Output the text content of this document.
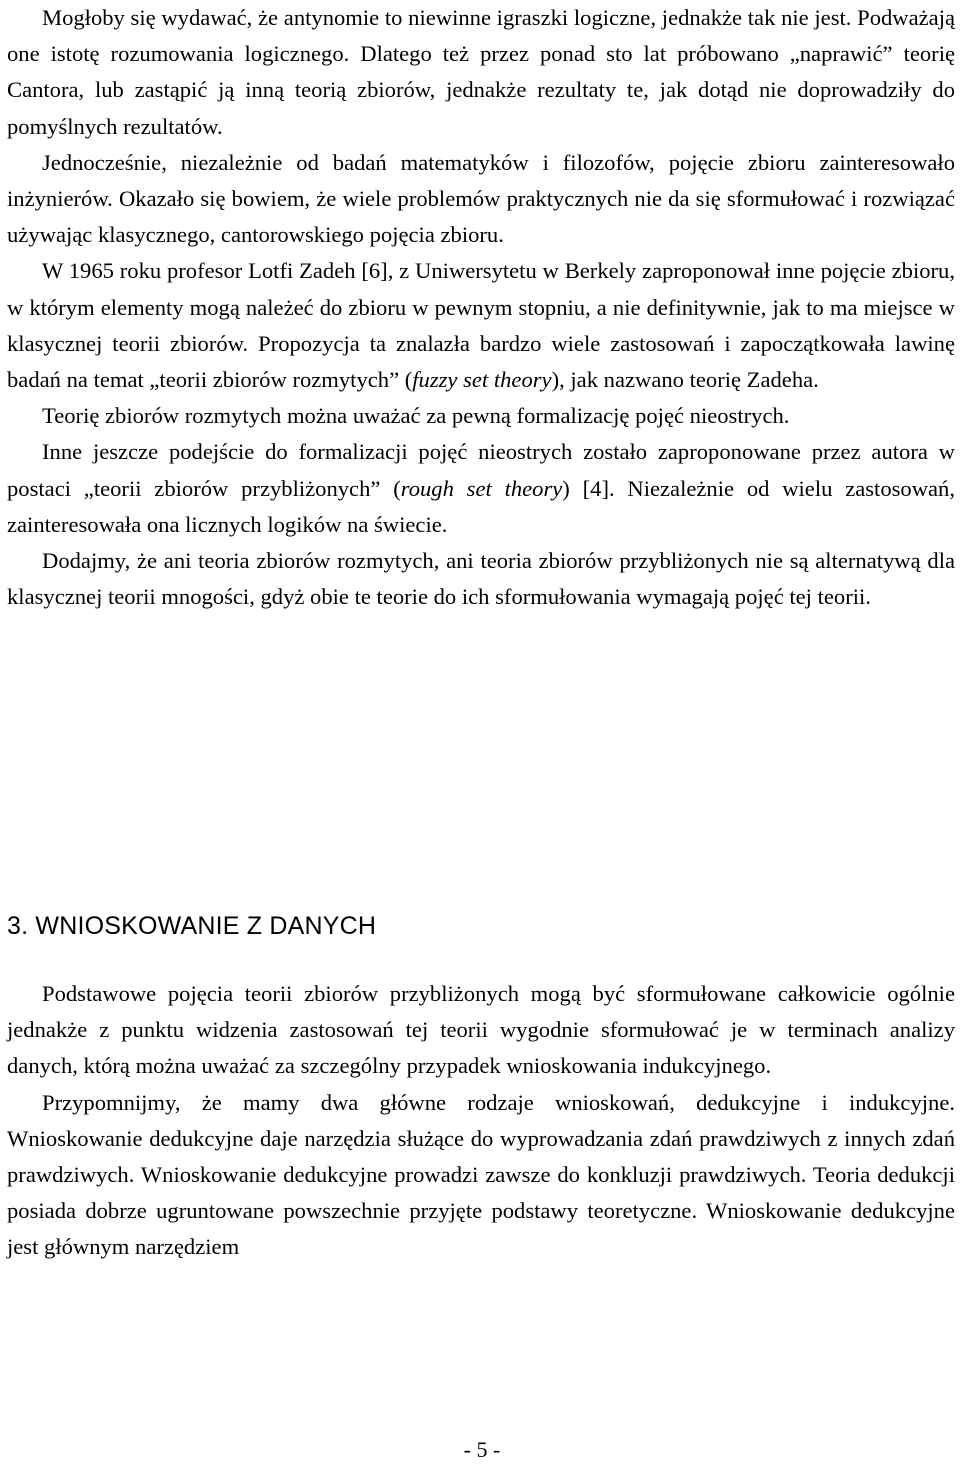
Mogłoby się wydawać, że antynomie to niewinne igraszki logiczne, jednakże tak nie jest. Podważają one istotę rozumowania logicznego. Dlatego też przez ponad sto lat próbowano „naprawić” teorię Cantora, lub zastąpić ją inną teorią zbiorów, jednakże rezultaty te, jak dotąd nie doprowadziły do pomyślnych rezultatów.

Jednocześnie, niezależnie od badań matematyków i filozofów, pojęcie zbioru zainteresowało inżynierów. Okazało się bowiem, że wiele problemów praktycznych nie da się sformułować i rozwiązać używając klasycznego, cantorowskiego pojęcia zbioru.

W 1965 roku profesor Lotfi Zadeh [6], z Uniwersytetu w Berkely zaproponował inne pojęcie zbioru, w którym elementy mogą należeć do zbioru w pewnym stopniu, a nie definitywnie, jak to ma miejsce w klasycznej teorii zbiorów. Propozycja ta znalazła bardzo wiele zastosowań i zapoczątkowała lawinę badań na temat „teorii zbiorów rozmytych” (fuzzy set theory), jak nazwano teorię Zadeha.

Teorię zbiorów rozmytych można uważać za pewną formalizację pojęć nieostrych.

Inne jeszcze podejście do formalizacji pojęć nieostrych zostało zaproponowane przez autora w postaci „teorii zbiorów przybliżonych” (rough set theory) [4]. Niezależnie od wielu zastosowań, zainteresowała ona licznych logików na świecie.

Dodajmy, że ani teoria zbiorów rozmytych, ani teoria zbiorów przybliżonych nie są alternatywą dla klasycznej teorii mnogości, gdyż obie te teorie do ich sformułowania wymagają pojęć tej teorii.

3. WNIOSKOWANIE Z DANYCH

Podstawowe pojęcia teorii zbiorów przybliżonych mogą być sformułowane całkowicie ogólnie jednakże z punktu widzenia zastosowań tej teorii wygodnie sformułować je w terminach analizy danych, którą można uważać za szczególny przypadek wnioskowania indukcyjnego.

Przypomnijmy, że mamy dwa główne rodzaje wnioskowań, dedukcyjne i indukcyjne. Wnioskowanie dedukcyjne daje narzędzia służące do wyprowadzania zdań prawdziwych z innych zdań prawdziwych. Wnioskowanie dedukcyjne prowadzi zawsze do konkluzji prawdziwych. Teoria dedukcji posiada dobrze ugruntowane powszechnie przyjęte podstawy teoretyczne. Wnioskowanie dedukcyjne jest głównym narzędziem

- 5 -
